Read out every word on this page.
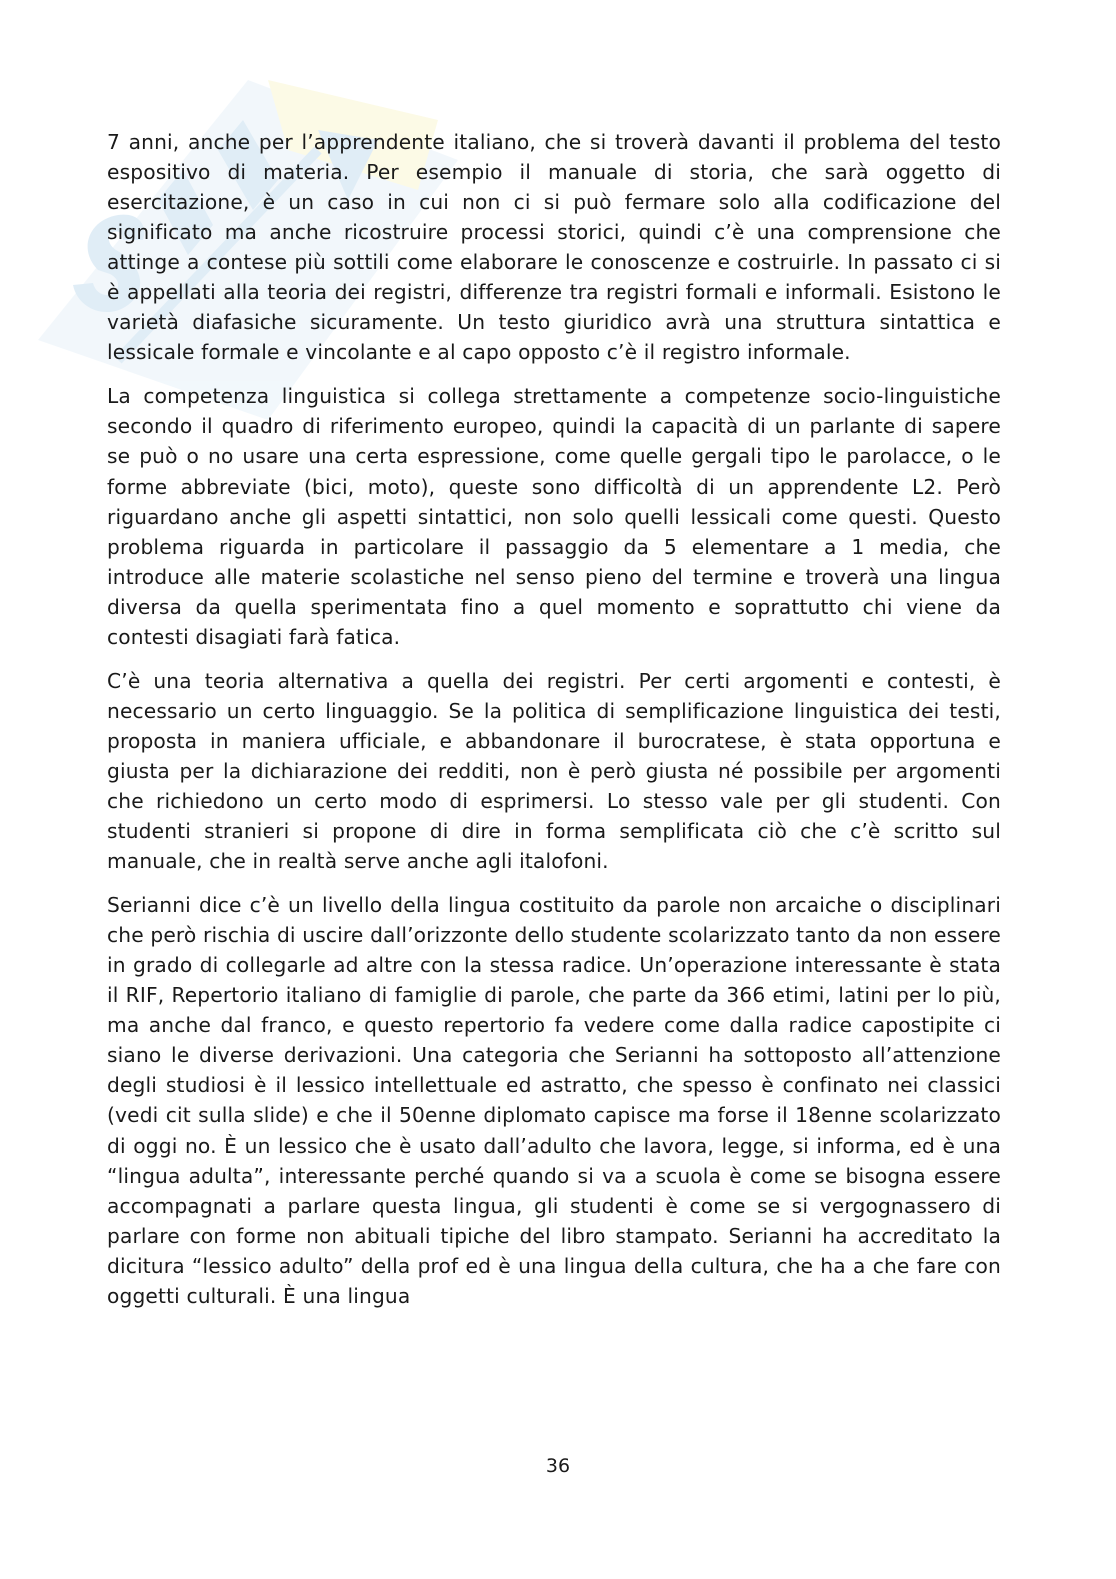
7 anni, anche per l’apprendente italiano, che si troverà davanti il problema del testo espositivo di materia. Per esempio il manuale di storia, che sarà oggetto di esercitazione, è un caso in cui non ci si può fermare solo alla codificazione del significato ma anche ricostruire processi storici, quindi c’è una comprensione che attinge a contese più sottili come elaborare le conoscenze e costruirle. In passato ci si è appellati alla teoria dei registri, differenze tra registri formali e informali. Esistono le varietà diafasiche sicuramente. Un testo giuridico avrà una struttura sintattica e lessicale formale e vincolante e al capo opposto c’è il registro informale.

La competenza linguistica si collega strettamente a competenze socio-linguistiche secondo il quadro di riferimento europeo, quindi la capacità di un parlante di sapere se può o no usare una certa espressione, come quelle gergali tipo le parolacce, o le forme abbreviate (bici, moto), queste sono difficoltà di un apprendente L2. Però riguardano anche gli aspetti sintattici, non solo quelli lessicali come questi. Questo problema riguarda in particolare il passaggio da 5 elementare a 1 media, che introduce alle materie scolastiche nel senso pieno del termine e troverà una lingua diversa da quella sperimentata fino a quel momento e soprattutto chi viene da contesti disagiati farà fatica.

C’è una teoria alternativa a quella dei registri. Per certi argomenti e contesti, è necessario un certo linguaggio. Se la politica di semplificazione linguistica dei testi, proposta in maniera ufficiale, e abbandonare il burocratese, è stata opportuna e giusta per la dichiarazione dei redditi, non è però giusta né possibile per argomenti che richiedono un certo modo di esprimersi. Lo stesso vale per gli studenti. Con studenti stranieri si propone di dire in forma semplificata ciò che c’è scritto sul manuale, che in realtà serve anche agli italofoni.

Serianni dice c’è un livello della lingua costituito da parole non arcaiche o disciplinari che però rischia di uscire dall’orizzonte dello studente scolarizzato tanto da non essere in grado di collegarle ad altre con la stessa radice. Un’operazione interessante è stata il RIF, Repertorio italiano di famiglie di parole, che parte da 366 etimi, latini per lo più, ma anche dal franco, e questo repertorio fa vedere come dalla radice capostipite ci siano le diverse derivazioni. Una categoria che Serianni ha sottoposto all’attenzione degli studiosi è il lessico intellettuale ed astratto, che spesso è confinato nei classici (vedi cit sulla slide) e che il 50enne diplomato capisce ma forse il 18enne scolarizzato di oggi no. È un lessico che è usato dall’adulto che lavora, legge, si informa, ed è una “lingua adulta”, interessante perché quando si va a scuola è come se bisogna essere accompagnati a parlare questa lingua, gli studenti è come se si vergognassero di parlare con forme non abituali tipiche del libro stampato. Serianni ha accreditato la dicitura “lessico adulto” della prof ed è una lingua della cultura, che ha a che fare con oggetti culturali. È una lingua

36
